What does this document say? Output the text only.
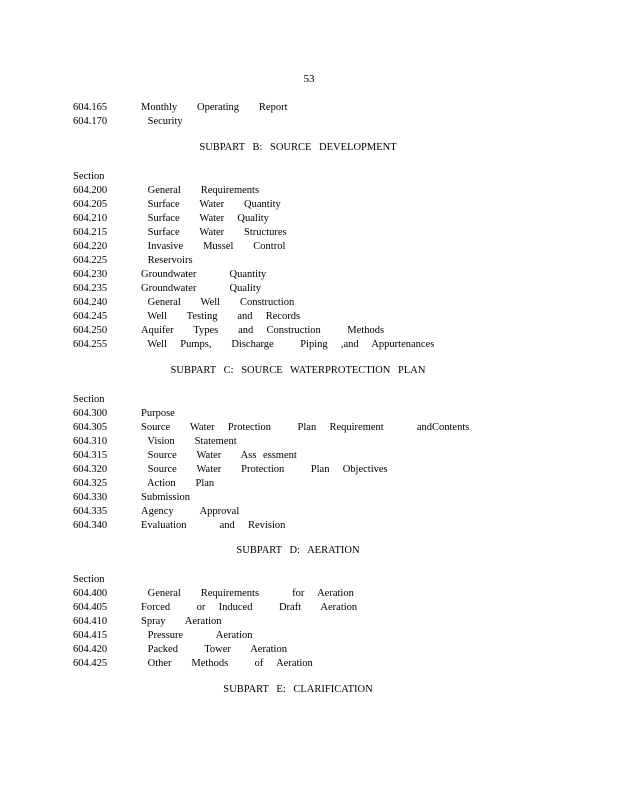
53
604.165	Monthly   Operating   Report
604.170	Security
SUBPART B: SOURCE DEVELOPMENT
Section
604.200	General   Requirements
604.205	Surface   Water   Quantity
604.210	Surface   Water  Quality
604.215	Surface   Water   Structures
604.220	Invasive   Mussel   Control
604.225	Reservoirs
604.230	Groundwater     Quantity
604.235	Groundwater     Quality
604.240	General   Well   Construction
604.245	Well   Testing   and  Records
604.250	Aquifer   Types   and  Construction    Methods
604.255	Well  Pumps,   Discharge    Piping  ,and  Appurtenances
SUBPART C: SOURCE WATERPROTECTION PLAN
Section
604.300	Purpose
604.305	Source   Water  Protection    Plan  Requirement     andContents
604.310	Vision   Statement
604.315	Source   Water   Ass essment
604.320	Source   Water   Protection    Plan  Objectives
604.325	Action   Plan
604.330	Submission
604.335	Agency    Approval
604.340	Evaluation     and  Revision
SUBPART D: AERATION
Section
604.400	General   Requirements     for  Aeration
604.405	Forced    or  Induced    Draft   Aeration
604.410	Spray   Aeration
604.415	Pressure     Aeration
604.420	Packed    Tower   Aeration
604.425	Other   Methods    of  Aeration
SUBPART E: CLARIFICATION
